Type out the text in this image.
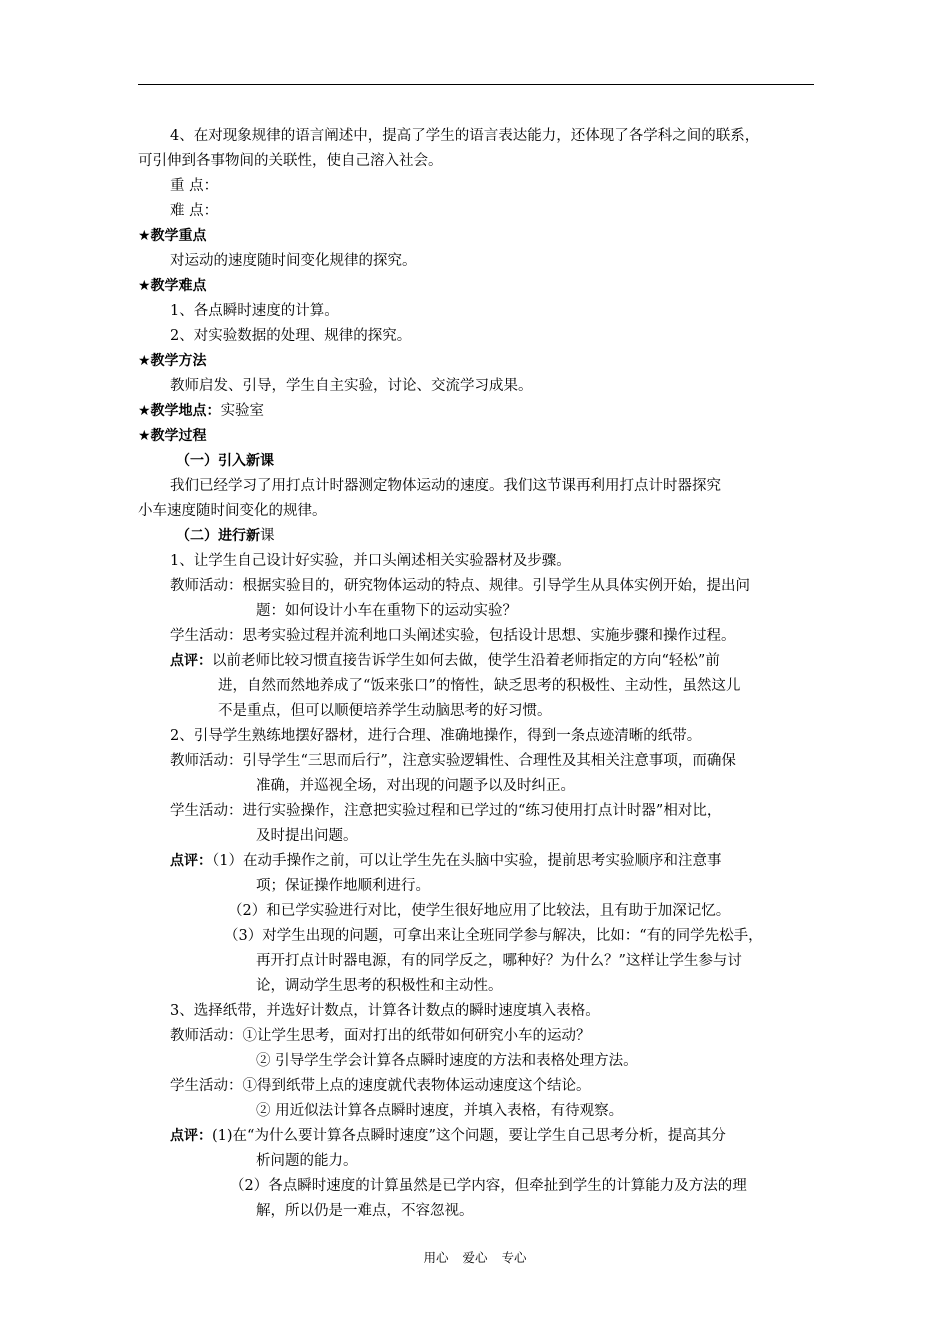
4、在对现象规律的语言阐述中，提高了学生的语言表达能力，还体现了各学科之间的联系，
可引伸到各事物间的关联性，使自己溶入社会。
重 点：
难 点：
★教学重点
对运动的速度随时间变化规律的探究。
★教学难点
1、各点瞬时速度的计算。
2、对实验数据的处理、规律的探究。
★教学方法
教师启发、引导，学生自主实验，讨论、交流学习成果。
★教学地点：实验室
★教学过程
（一）引入新课
我们已经学习了用打点计时器测定物体运动的速度。我们这节课再利用打点计时器探究
小车速度随时间变化的规律。
（二）进行新课
1、让学生自己设计好实验，并口头阐述相关实验器材及步骤。
教师活动：根据实验目的，研究物体运动的特点、规律。引导学生从具体实例开始，提出问
题：如何设计小车在重物下的运动实验？
学生活动：思考实验过程并流利地口头阐述实验，包括设计思想、实施步骤和操作过程。
点评：以前老师比较习惯直接告诉学生如何去做，使学生沿着老师指定的方向“轻松”前
进，自然而然地养成了“饭来张口”的惰性，缺乏思考的积极性、主动性，虽然这儿
不是重点，但可以顺便培养学生动脑思考的好习惯。
2、引导学生熟练地摆好器材，进行合理、准确地操作，得到一条点迹清晰的纸带。
教师活动：引导学生“三思而后行”，注意实验逻辑性、合理性及其相关注意事项，而确保
准确，并巡视全场，对出现的问题予以及时纠正。
学生活动：进行实验操作，注意把实验过程和已学过的“练习使用打点计时器”相对比，
及时提出问题。
点评：（1）在动手操作之前，可以让学生先在头脑中实验，提前思考实验顺序和注意事
项；保证操作地顺利进行。
（2）和已学实验进行对比，使学生很好地应用了比较法，且有助于加深记忆。
（3）对学生出现的问题，可拿出来让全班同学参与解决，比如：“有的同学先松手，
再开打点计时器电源，有的同学反之，哪种好？为什么？”这样让学生参与讨
论，调动学生思考的积极性和主动性。
3、选择纸带，并选好计数点，计算各计数点的瞬时速度填入表格。
教师活动：①让学生思考，面对打出的纸带如何研究小车的运动？
② 引导学生学会计算各点瞬时速度的方法和表格处理方法。
学生活动：①得到纸带上点的速度就代表物体运动速度这个结论。
② 用近似法计算各点瞬时速度，并填入表格，有待观察。
点评：(1)在“为什么要计算各点瞬时速度”这个问题，要让学生自己思考分析，提高其分
析问题的能力。
（2）各点瞬时速度的计算虽然是已学内容，但牵扯到学生的计算能力及方法的理
解，所以仍是一难点，不容忽视。
用心 爱心 专心
